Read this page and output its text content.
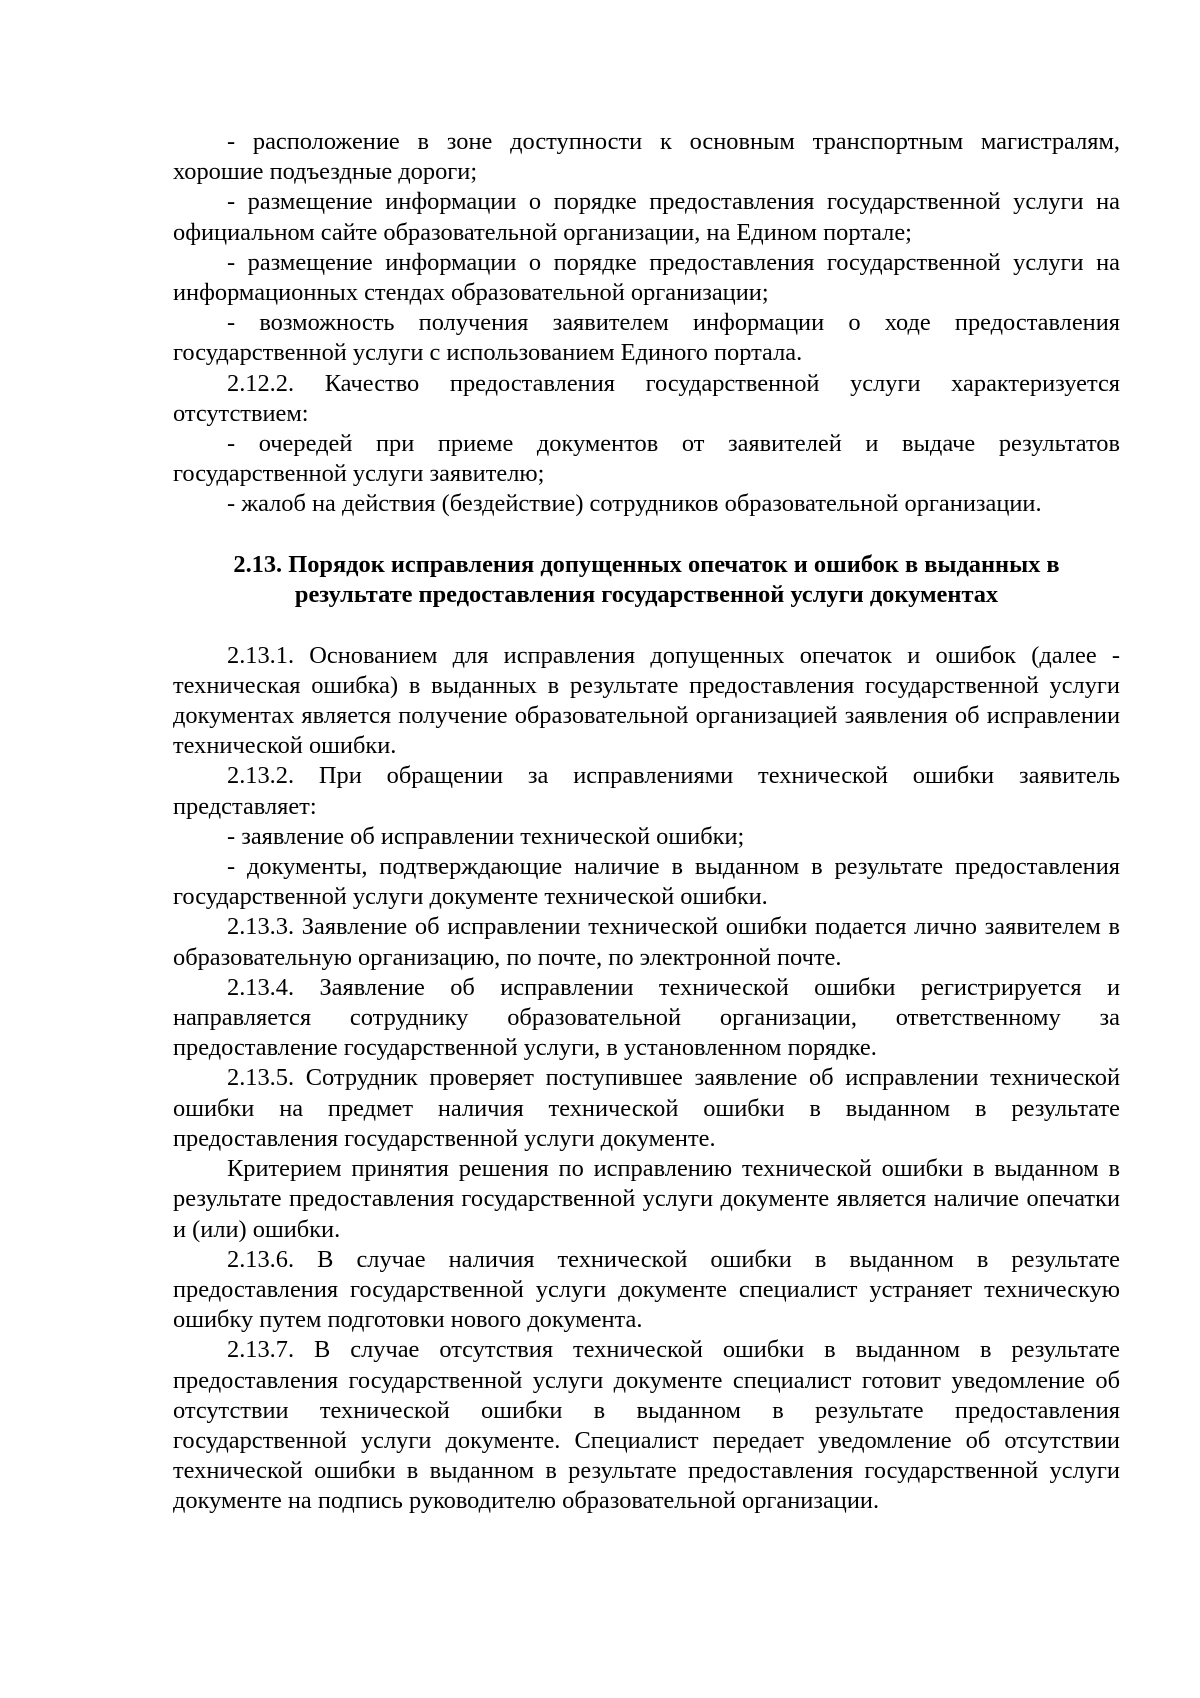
- расположение в зоне доступности к основным транспортным магистралям, хорошие подъездные дороги;

- размещение информации о порядке предоставления государственной услуги на официальном сайте образовательной организации, на Едином портале;

- размещение информации о порядке предоставления государственной услуги на информационных стендах образовательной организации;

- возможность получения заявителем информации о ходе предоставления государственной услуги с использованием Единого портала.

2.12.2. Качество предоставления государственной услуги характеризуется отсутствием:

- очередей при приеме документов от заявителей и выдаче результатов государственной услуги заявителю;

- жалоб на действия (бездействие) сотрудников образовательной организации.

2.13. Порядок исправления допущенных опечаток и ошибок в выданных в
результате предоставления государственной услуги документах

2.13.1. Основанием для исправления допущенных опечаток и ошибок (далее - техническая ошибка) в выданных в результате предоставления государственной услуги документах является получение образовательной организацией заявления об исправлении технической ошибки.

2.13.2. При обращении за исправлениями технической ошибки заявитель представляет:

- заявление об исправлении технической ошибки;

- документы, подтверждающие наличие в выданном в результате предоставления государственной услуги документе технической ошибки.

2.13.3. Заявление об исправлении технической ошибки подается лично заявителем в образовательную организацию, по почте, по электронной почте.

2.13.4. Заявление об исправлении технической ошибки регистрируется и направляется сотруднику образовательной организации, ответственному за предоставление государственной услуги, в установленном порядке.

2.13.5. Сотрудник проверяет поступившее заявление об исправлении технической ошибки на предмет наличия технической ошибки в выданном в результате предоставления государственной услуги документе.

Критерием принятия решения по исправлению технической ошибки в выданном в результате предоставления государственной услуги документе является наличие опечатки и (или) ошибки.

2.13.6. В случае наличия технической ошибки в выданном в результате предоставления государственной услуги документе специалист устраняет техническую ошибку путем подготовки нового документа.

2.13.7. В случае отсутствия технической ошибки в выданном в результате предоставления государственной услуги документе специалист готовит уведомление об отсутствии технической ошибки в выданном в результате предоставления государственной услуги документе. Специалист передает уведомление об отсутствии технической ошибки в выданном в результате предоставления государственной услуги документе на подпись руководителю образовательной организации.
